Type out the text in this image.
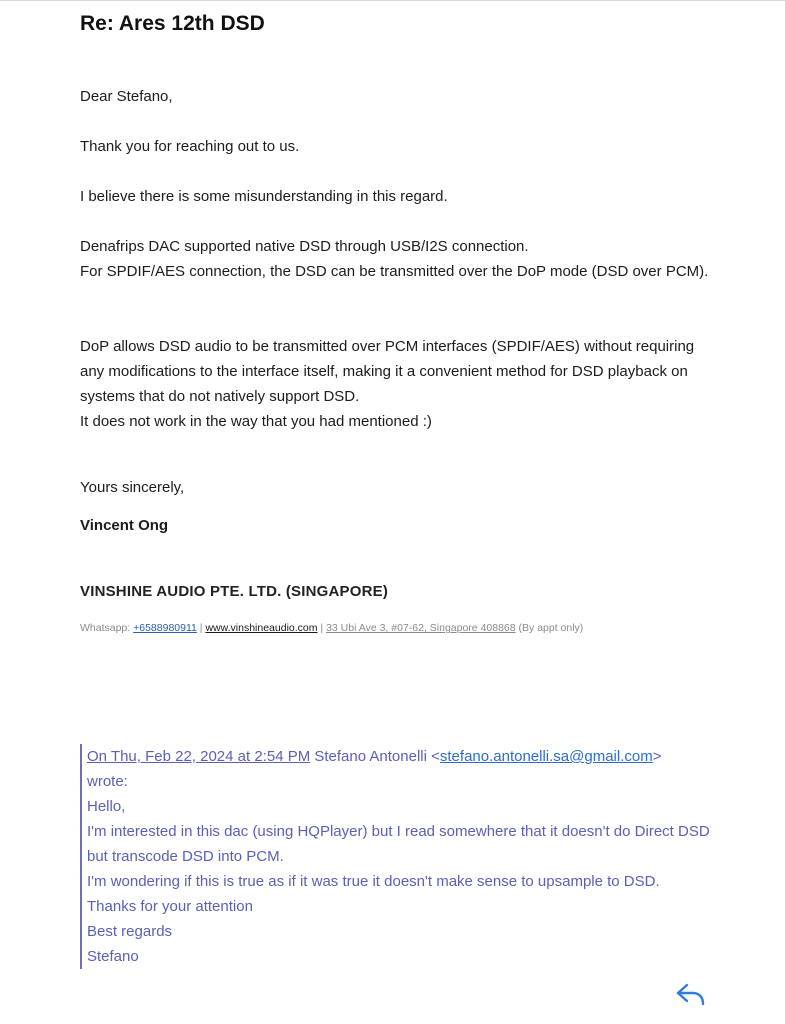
Re: Ares 12th DSD

Dear Stefano,

Thank you for reaching out to us.

I believe there is some misunderstanding in this regard.

Denafrips DAC supported native DSD through USB/I2S connection.

For SPDIF/AES connection, the DSD can be transmitted over the DoP mode (DSD over PCM).

DoP allows DSD audio to be transmitted over PCM interfaces (SPDIF/AES) without requiring any modifications to the interface itself, making it a convenient method for DSD playback on systems that do not natively support DSD.

It does not work in the way that you had mentioned :)

Yours sincerely,

Vincent Ong

VINSHINE AUDIO PTE. LTD. (SINGAPORE)
Whatsapp: +6588980911 | www.vinshineaudio.com | 33 Ubi Ave 3, #07-62, Singapore 408868 (By appt only)

On Thu, Feb 22, 2024 at 2:54 PM Stefano Antonelli <stefano.antonelli.sa@gmail.com>

wrote:

Hello,

I'm interested in this dac (using HQPlayer) but I read somewhere that it doesn't do Direct DSD but transcode DSD into PCM.

I'm wondering if this is true as if it was true it doesn't make sense to upsample to DSD.

Thanks for your attention

Best regards

Stefano
